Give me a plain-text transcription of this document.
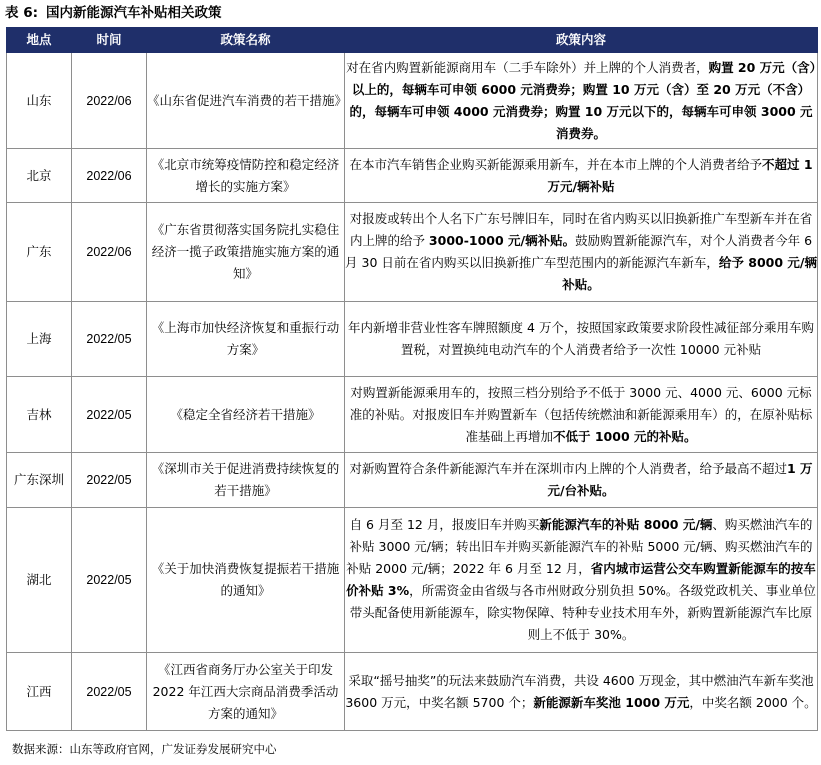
表 6: 国内新能源汽车补贴相关政策
地点	时间	政策名称	政策内容
山东	2022/06	《山东省促进汽车消费的若干措施》	对在省内购置新能源商用车（二手车除外）并上牌的个人消费者，购置 20 万元（含）以上的，每辆车可申领 6000 元消费券；购置 10 万元（含）至 20 万元（不含）的，每辆车可申领 4000 元消费券；购置 10 万元以下的，每辆车可申领 3000 元消费券。
北京	2022/06	《北京市统筹疫情防控和稳定经济增长的实施方案》	在本市汽车销售企业购买新能源乘用新车，并在本市上牌的个人消费者给予不超过 1 万元/辆补贴
广东	2022/06	《广东省贯彻落实国务院扎实稳住经济一揽子政策措施实施方案的通知》	对报废或转出个人名下广东号牌旧车，同时在省内购买以旧换新推广车型新车并在省内上牌的给予 3000-1000 元/辆补贴。鼓励购置新能源汽车，对个人消费者今年 6 月 30 日前在省内购买以旧换新推广车型范围内的新能源汽车新车，给予 8000 元/辆补贴。
上海	2022/05	《上海市加快经济恢复和重振行动方案》	年内新增非营业性客车牌照额度 4 万个，按照国家政策要求阶段性减征部分乘用车购置税，对置换纯电动汽车的个人消费者给予一次性 10000 元补贴
吉林	2022/05	《稳定全省经济若干措施》	对购置新能源乘用车的，按照三档分别给予不低于 3000 元、4000 元、6000 元标准的补贴。对报废旧车并购置新车（包括传统燃油和新能源乘用车）的，在原补贴标准基础上再增加不低于 1000 元的补贴。
广东深圳	2022/05	《深圳市关于促进消费持续恢复的若干措施》	对新购置符合条件新能源汽车并在深圳市内上牌的个人消费者，给予最高不超过1 万元/台补贴。
湖北	2022/05	《关于加快消费恢复提振若干措施的通知》	自 6 月至 12 月，报废旧车并购买新能源汽车的补贴 8000 元/辆、购买燃油汽车的补贴 3000 元/辆；转出旧车并购买新能源汽车的补贴 5000 元/辆、购买燃油汽车的补贴 2000 元/辆；2022 年 6 月至 12 月，省内城市运营公交车购置新能源车的按车价补贴 3%，所需资金由省级与各市州财政分别负担 50%。各级党政机关、事业单位带头配备使用新能源车，除实物保障、特种专业技术用车外，新购置新能源汽车比原则上不低于 30%。
江西	2022/05	《江西省商务厅办公室关于印发 2022 年江西大宗商品消费季活动方案的通知》	采取“摇号抽奖”的玩法来鼓励汽车消费，共设 4600 万现金，其中燃油汽车新车奖池 3600 万元，中奖名额 5700 个；新能源新车奖池 1000 万元，中奖名额 2000 个。
数据来源：山东等政府官网，广发证券发展研究中心
